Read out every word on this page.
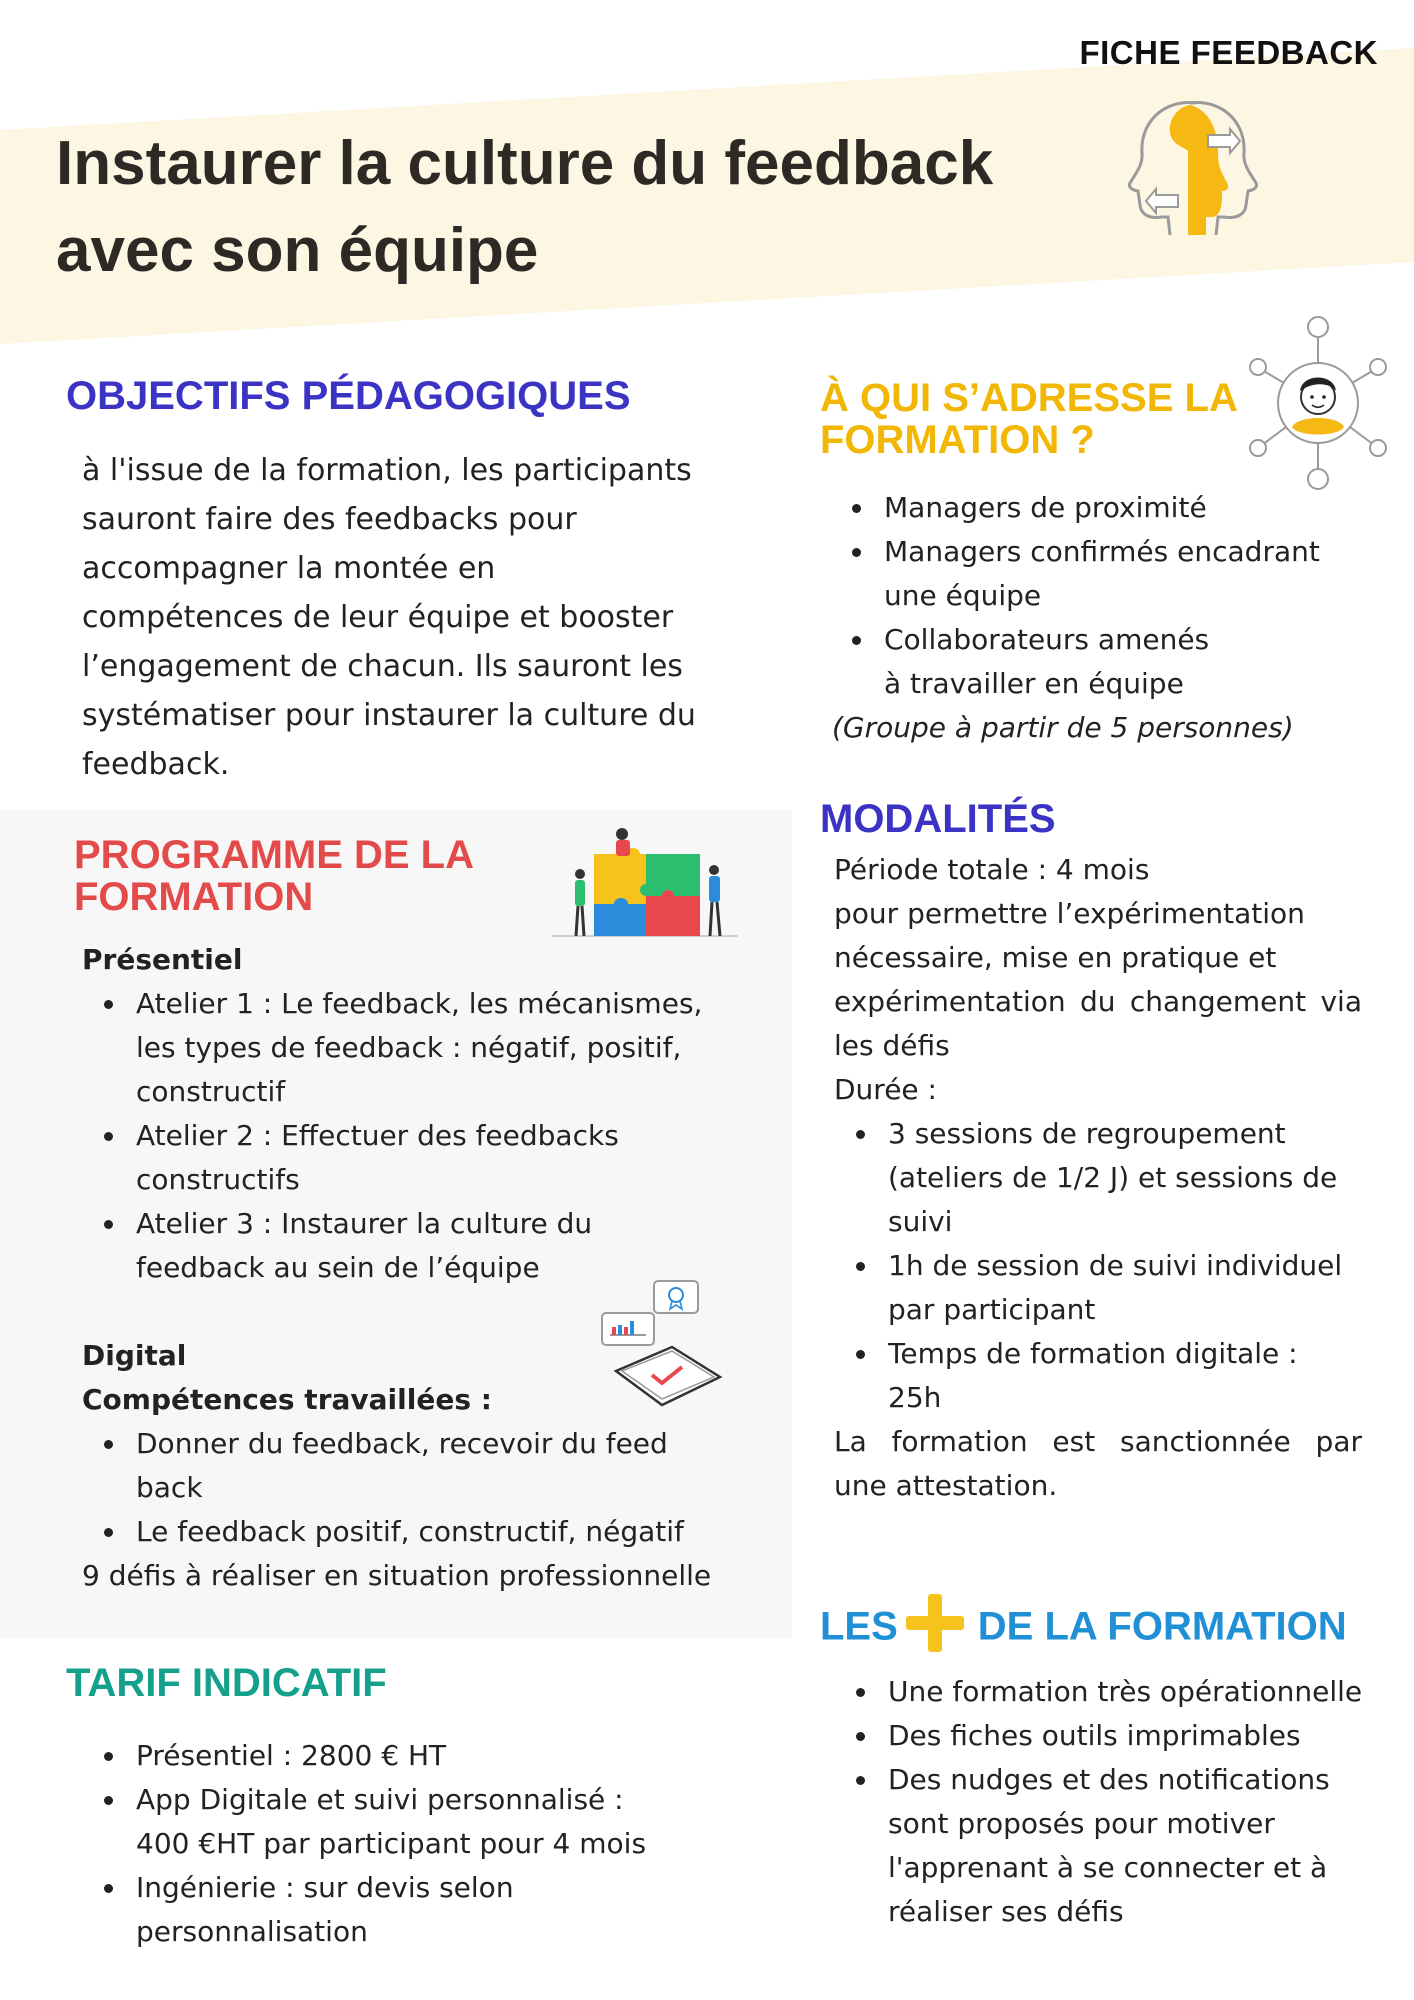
FICHE FEEDBACK
Instaurer la culture du feedback
avec son équipe
OBJECTIFS PÉDAGOGIQUES
à l'issue de la formation, les participants
sauront faire des feedbacks pour
accompagner la montée en
compétences de leur équipe et booster
l’engagement de chacun. Ils sauront les
systématiser pour instaurer la culture du
feedback.
À QUI S’ADRESSE LA
FORMATION ?
Managers de proximité
Managers confirmés encadrant
une équipe
Collaborateurs amenés
à travailler en équipe
(Groupe à partir de 5 personnes)
PROGRAMME DE LA
FORMATION
Présentiel
Atelier 1 : Le feedback, les mécanismes,
les types de feedback : négatif, positif,
constructif
Atelier 2 : Effectuer des feedbacks
constructifs
Atelier 3 : Instaurer la culture du
feedback au sein de l’équipe
Digital
Compétences travaillées :
Donner du feedback, recevoir du feed
back
Le feedback positif, constructif, négatif
9 défis à réaliser en situation professionnelle
MODALITÉS
Période totale : 4 mois
pour permettre l’expérimentation
nécessaire, mise en pratique et
expérimentation du changement via
les défis
Durée :
3 sessions de regroupement
(ateliers de 1/2 J) et sessions de
suivi
1h de session de suivi individuel
par participant
Temps de formation digitale :
25h
La formation est sanctionnée par
une attestation.
TARIF INDICATIF
Présentiel : 2800 € HT
App Digitale et suivi personnalisé :
400 €HT par participant pour 4 mois
Ingénierie : sur devis selon
personnalisation
LES DE LA FORMATION
Une formation très opérationnelle
Des fiches outils imprimables
Des nudges et des notifications
sont proposés pour motiver
l'apprenant à se connecter et à
réaliser ses défis
